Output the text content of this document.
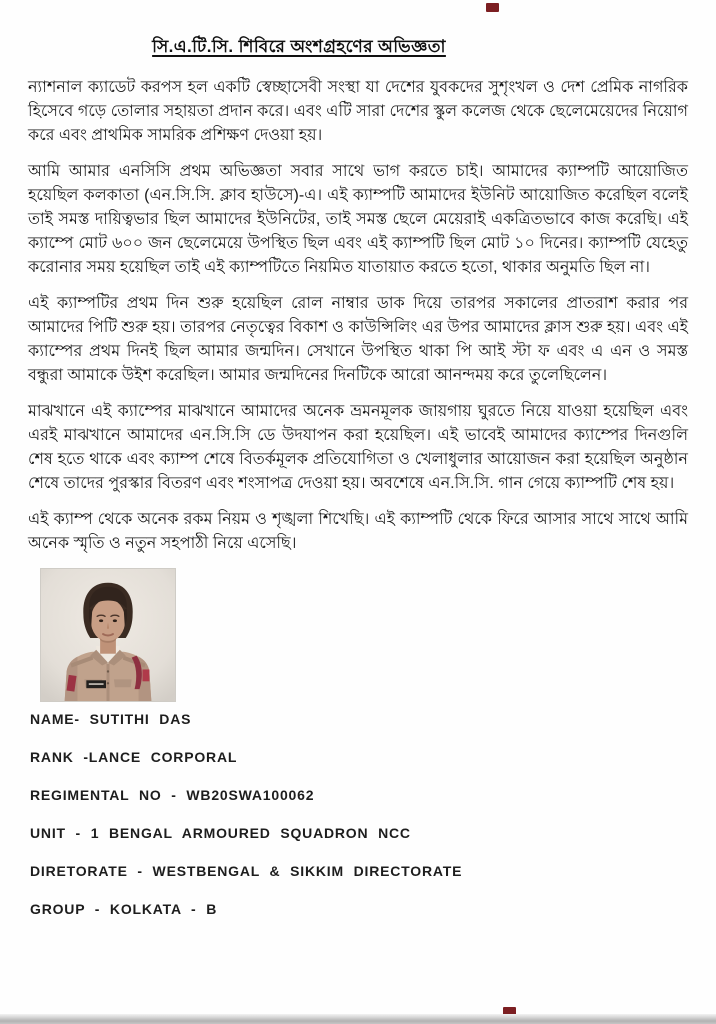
সি.এ.টি.সি. শিবিরে অংশগ্রহণের অভিজ্ঞতা

ন্যাশনাল ক্যাডেট করপস হল একটি স্বেচ্ছাসেবী সংস্থা যা দেশের যুবকদের সুশৃংখল ও দেশ প্রেমিক নাগরিক হিসেবে গড়ে তোলার সহায়তা প্রদান করে। এবং এটি সারা দেশের স্কুল কলেজ থেকে ছেলেমেয়েদের নিয়োগ করে এবং প্রাথমিক সামরিক প্রশিক্ষণ দেওয়া হয়।

আমি আমার এনসিসি প্রথম অভিজ্ঞতা সবার সাথে ভাগ করতে চাই। আমাদের ক্যাম্পটি আয়োজিত হয়েছিল কলকাতা (এন.সি.সি. ক্লাব হাউসে)-এ। এই ক্যাম্পটি আমাদের ইউনিট আয়োজিত করেছিল বলেই তাই সমস্ত দায়িত্বভার ছিল আমাদের ইউনিটের, তাই সমস্ত ছেলে মেয়েরাই একত্রিতভাবে কাজ করেছি। এই ক্যাম্পে মোট ৬০০ জন ছেলেমেয়ে উপস্থিত ছিল এবং এই ক্যাম্পটি ছিল মোট ১০ দিনের। ক্যাম্পটি যেহেতু করোনার সময় হয়েছিল তাই এই ক্যাম্পটিতে নিয়মিত যাতায়াত করতে হতো, থাকার অনুমতি ছিল না।

এই ক্যাম্পটির প্রথম দিন শুরু হয়েছিল রোল নাম্বার ডাক দিয়ে তারপর সকালের প্রাতরাশ করার পর আমাদের পিটি শুরু হয়। তারপর নেতৃত্বের বিকাশ ও কাউন্সিলিং এর উপর আমাদের ক্লাস শুরু হয়। এবং এই ক্যাম্পের প্রথম দিনই ছিল আমার জন্মদিন। সেখানে উপস্থিত থাকা পি আই স্টা ফ এবং এ এন ও সমস্ত বন্ধুরা আমাকে উইশ করেছিল। আমার জন্মদিনের দিনটিকে আরো আনন্দময় করে তুলেছিলেন।

মাঝখানে এই ক্যাম্পের মাঝখানে আমাদের অনেক ভ্রমনমূলক জায়গায় ঘুরতে নিয়ে যাওয়া হয়েছিল এবং এরই মাঝখানে আমাদের এন.সি.সি ডে উদযাপন করা হয়েছিল। এই ভাবেই আমাদের ক্যাম্পের দিনগুলি শেষ হতে থাকে এবং ক্যাম্প শেষে বিতর্কমূলক প্রতিযোগিতা ও খেলাধুলার আয়োজন করা হয়েছিল অনুষ্ঠান শেষে তাদের পুরস্কার বিতরণ এবং শংসাপত্র দেওয়া হয়। অবশেষে এন.সি.সি. গান গেয়ে ক্যাম্পটি শেষ হয়।

এই ক্যাম্প থেকে অনেক রকম নিয়ম ও শৃঙ্খলা শিখেছি। এই ক্যাম্পটি থেকে ফিরে আসার সাথে সাথে আমি অনেক স্মৃতি ও নতুন সহপাঠী নিয়ে এসেছি।

NAME- SUTITHI DAS
RANK -LANCE CORPORAL
REGIMENTAL NO - WB20SWA100062
UNIT - 1 BENGAL ARMOURED SQUADRON NCC
DIRETORATE - WESTBENGAL & SIKKIM DIRECTORATE
GROUP - KOLKATA - B
